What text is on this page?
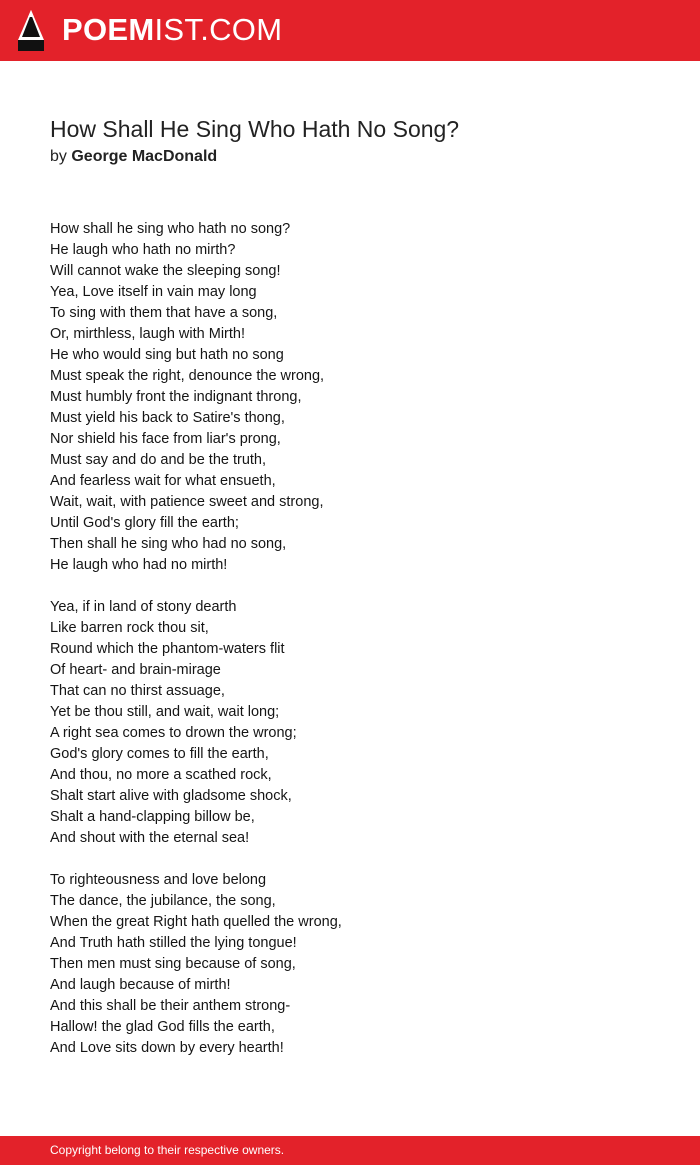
POEMIST.COM
How Shall He Sing Who Hath No Song?
by George MacDonald
How shall he sing who hath no song?
He laugh who hath no mirth?
Will cannot wake the sleeping song!
Yea, Love itself in vain may long
To sing with them that have a song,
Or, mirthless, laugh with Mirth!
He who would sing but hath no song
Must speak the right, denounce the wrong,
Must humbly front the indignant throng,
Must yield his back to Satire's thong,
Nor shield his face from liar's prong,
Must say and do and be the truth,
And fearless wait for what ensueth,
Wait, wait, with patience sweet and strong,
Until God's glory fill the earth;
Then shall he sing who had no song,
He laugh who had no mirth!
Yea, if in land of stony dearth
Like barren rock thou sit,
Round which the phantom-waters flit
Of heart- and brain-mirage
That can no thirst assuage,
Yet be thou still, and wait, wait long;
A right sea comes to drown the wrong;
God's glory comes to fill the earth,
And thou, no more a scathed rock,
Shalt start alive with gladsome shock,
Shalt a hand-clapping billow be,
And shout with the eternal sea!
To righteousness and love belong
The dance, the jubilance, the song,
When the great Right hath quelled the wrong,
And Truth hath stilled the lying tongue!
Then men must sing because of song,
And laugh because of mirth!
And this shall be their anthem strong-
Hallow! the glad God fills the earth,
And Love sits down by every hearth!
Copyright belong to their respective owners.
